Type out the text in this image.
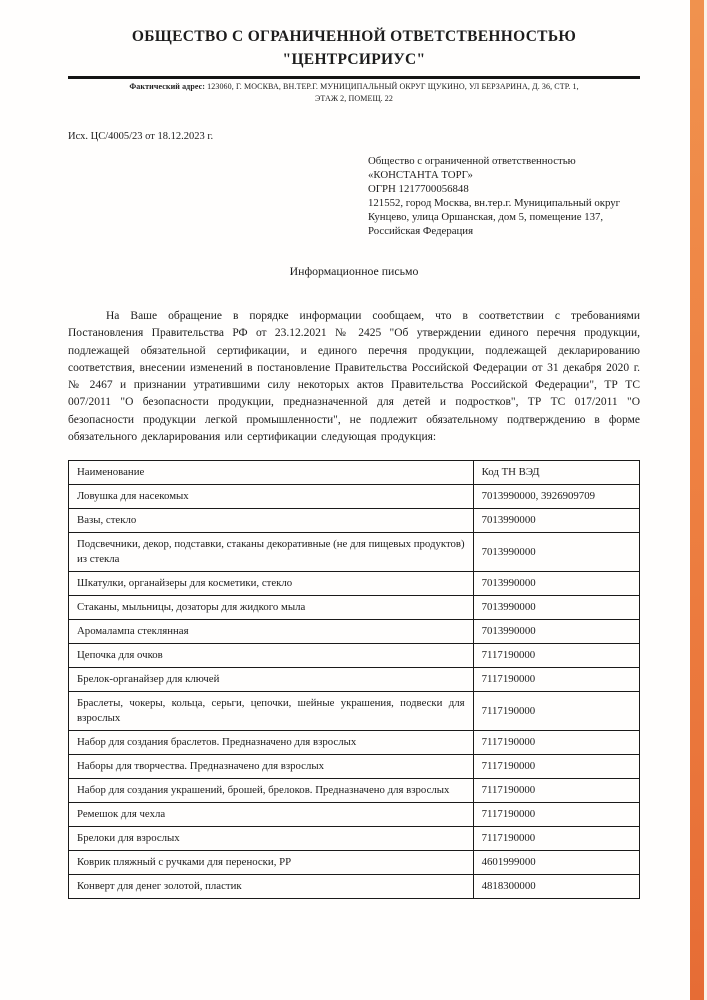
ОБЩЕСТВО С ОГРАНИЧЕННОЙ ОТВЕТСТВЕННОСТЬЮ
"ЦЕНТРСИРИУС"
Фактический адрес: 123060, Г. МОСКВА, ВН.ТЕР.Г. МУНИЦИПАЛЬНЫЙ ОКРУГ ЩУКИНО, УЛ БЕРЗАРИНА, Д. 36, СТР. 1,
ЭТАЖ 2, ПОМЕЩ. 22
Исх. ЦС/4005/23 от 18.12.2023 г.
Общество с ограниченной ответственностью
«КОНСТАНТА ТОРГ»
ОГРН 1217700056848
121552, город Москва, вн.тер.г. Муниципальный округ
Кунцево, улица Оршанская, дом 5, помещение 137,
Российская Федерация
Информационное письмо
На Ваше обращение в порядке информации сообщаем, что в соответствии с требованиями Постановления Правительства РФ от 23.12.2021 № 2425 "Об утверждении единого перечня продукции, подлежащей обязательной сертификации, и единого перечня продукции, подлежащей декларированию соответствия, внесении изменений в постановление Правительства Российской Федерации от 31 декабря 2020 г. № 2467 и признании утратившими силу некоторых актов Правительства Российской Федерации", ТР ТС 007/2011 "О безопасности продукции, предназначенной для детей и подростков", ТР ТС 017/2011 "О безопасности продукции легкой промышленности", не подлежит обязательному подтверждению в форме обязательного декларирования или сертификации следующая продукция:
Наименование	Код ТН ВЭД
Ловушка для насекомых	7013990000, 3926909709
Вазы, стекло	7013990000
Подсвечники, декор, подставки, стаканы декоративные (не для пищевых продуктов) из стекла	7013990000
Шкатулки, органайзеры для косметики, стекло	7013990000
Стаканы, мыльницы, дозаторы для жидкого мыла	7013990000
Аромалампа стеклянная	7013990000
Цепочка для очков	7117190000
Брелок-органайзер для ключей	7117190000
Браслеты, чокеры, кольца, серьги, цепочки, шейные украшения, подвески для взрослых	7117190000
Набор для создания браслетов. Предназначено для взрослых	7117190000
Наборы для творчества. Предназначено для взрослых	7117190000
Набор для создания украшений, брошей, брелоков. Предназначено для взрослых	7117190000
Ремешок для чехла	7117190000
Брелоки для взрослых	7117190000
Коврик пляжный с ручками для переноски, PP	4601999000
Конверт для денег золотой, пластик	4818300000
